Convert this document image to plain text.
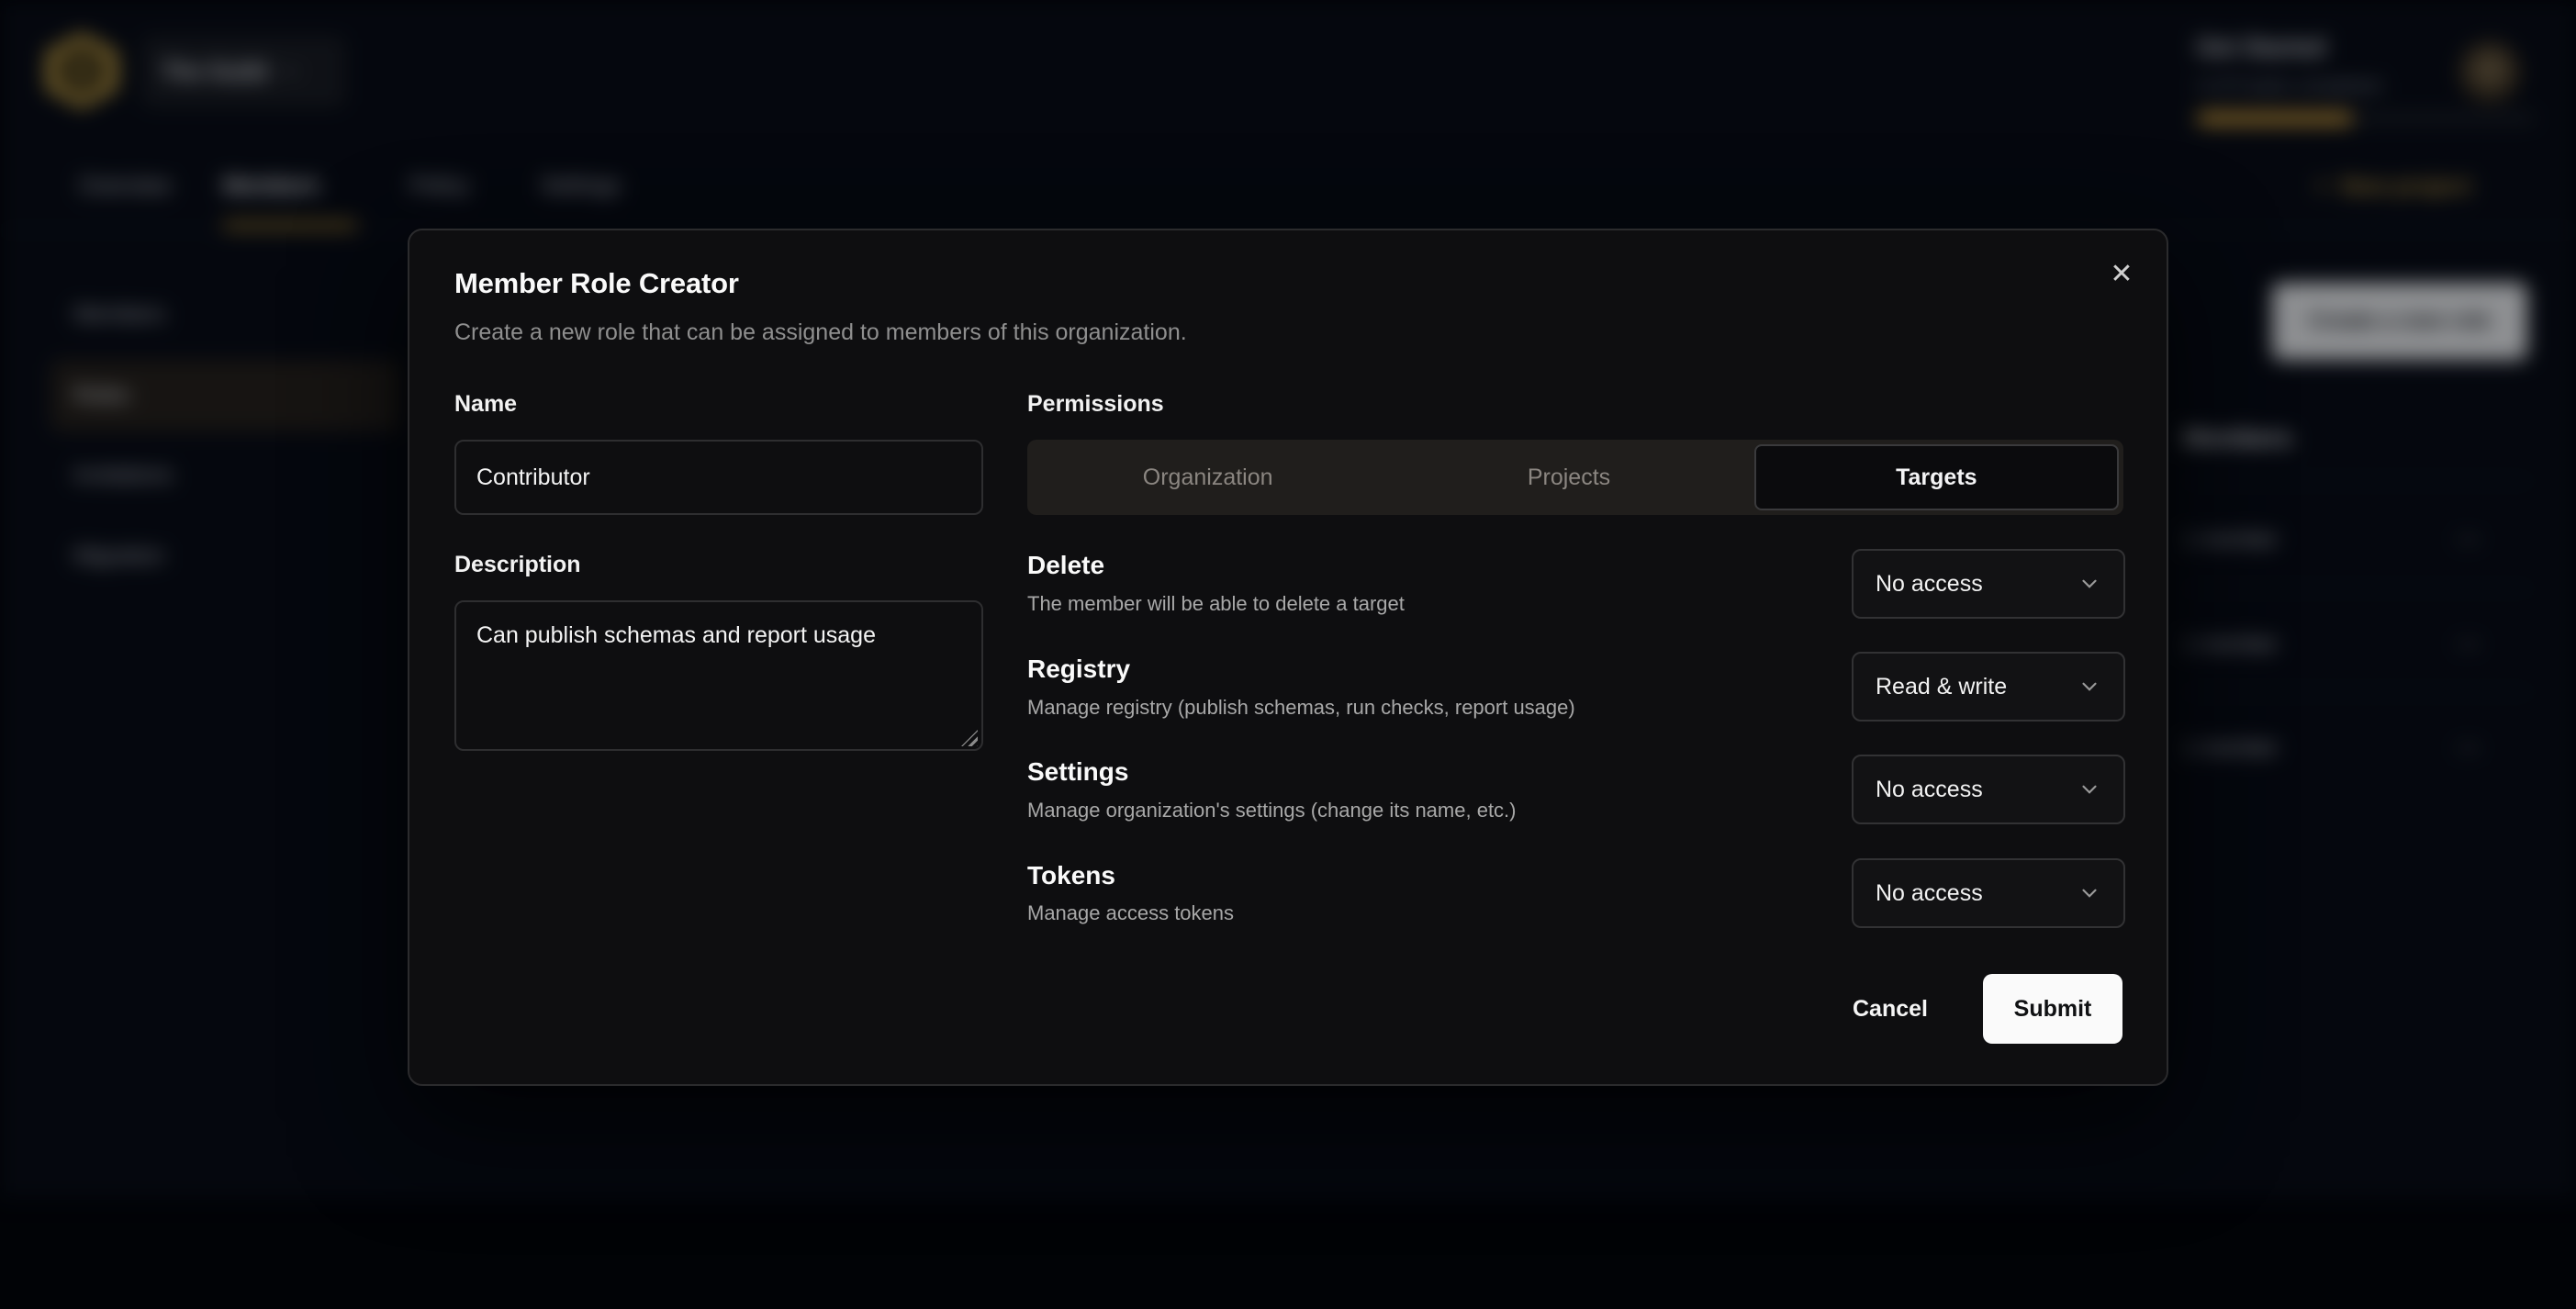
The Guild
Get Started
4 of 8 tasks completed
Overview Members	Policy	Settings	+ New project
Members
Roles
Invitations
Migration
Create a new role
Members
1 member	•••
1 member	•••
1 member	•••
Member Role Creator

Create a new role that can be assigned to members of this organization.

✕
Name
Contributor
Description
Can publish schemas and report usage
Permissions
Organization	Projects	Targets
Delete
The member will be able to delete a target
No access
Registry
Manage registry (publish schemas, run checks, report usage)
Read & write
Settings
Manage organization's settings (change its name, etc.)
No access
Tokens
Manage access tokens
No access
Cancel	Submit
